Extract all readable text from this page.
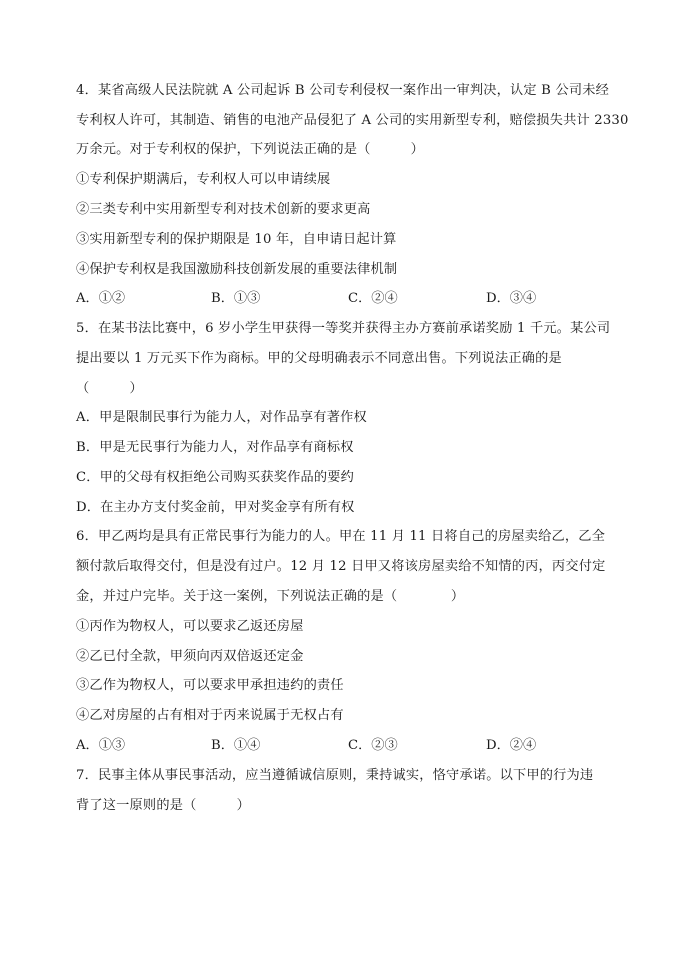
4．某省高级人民法院就 A 公司起诉 B 公司专利侵权一案作出一审判决，认定 B 公司未经
专利权人许可，其制造、销售的电池产品侵犯了 A 公司的实用新型专利，赔偿损失共计 2330
万余元。对于专利权的保护，下列说法正确的是（　　　）
①专利保护期满后，专利权人可以申请续展
②三类专利中实用新型专利对技术创新的要求更高
③实用新型专利的保护期限是 10 年，自申请日起计算
④保护专利权是我国激励科技创新发展的重要法律机制
A．①②	B．①③	C．②④	D．③④
5．在某书法比赛中，6 岁小学生甲获得一等奖并获得主办方赛前承诺奖励 1 千元。某公司
提出要以 1 万元买下作为商标。甲的父母明确表示不同意出售。下列说法正确的是
（　　　）
A．甲是限制民事行为能力人，对作品享有著作权
B．甲是无民事行为能力人，对作品享有商标权
C．甲的父母有权拒绝公司购买获奖作品的要约
D．在主办方支付奖金前，甲对奖金享有所有权
6．甲乙两均是具有正常民事行为能力的人。甲在 11 月 11 日将自己的房屋卖给乙，乙全
额付款后取得交付，但是没有过户。12 月 12 日甲又将该房屋卖给不知情的丙，丙交付定
金，并过户完毕。关于这一案例，下列说法正确的是（　　　　）
①丙作为物权人，可以要求乙返还房屋
②乙已付全款，甲须向丙双倍返还定金
③乙作为物权人，可以要求甲承担违约的责任
④乙对房屋的占有相对于丙来说属于无权占有
A．①③	B．①④	C．②③	D．②④
7．民事主体从事民事活动，应当遵循诚信原则，秉持诚实，恪守承诺。以下甲的行为违
背了这一原则的是（　　　）
